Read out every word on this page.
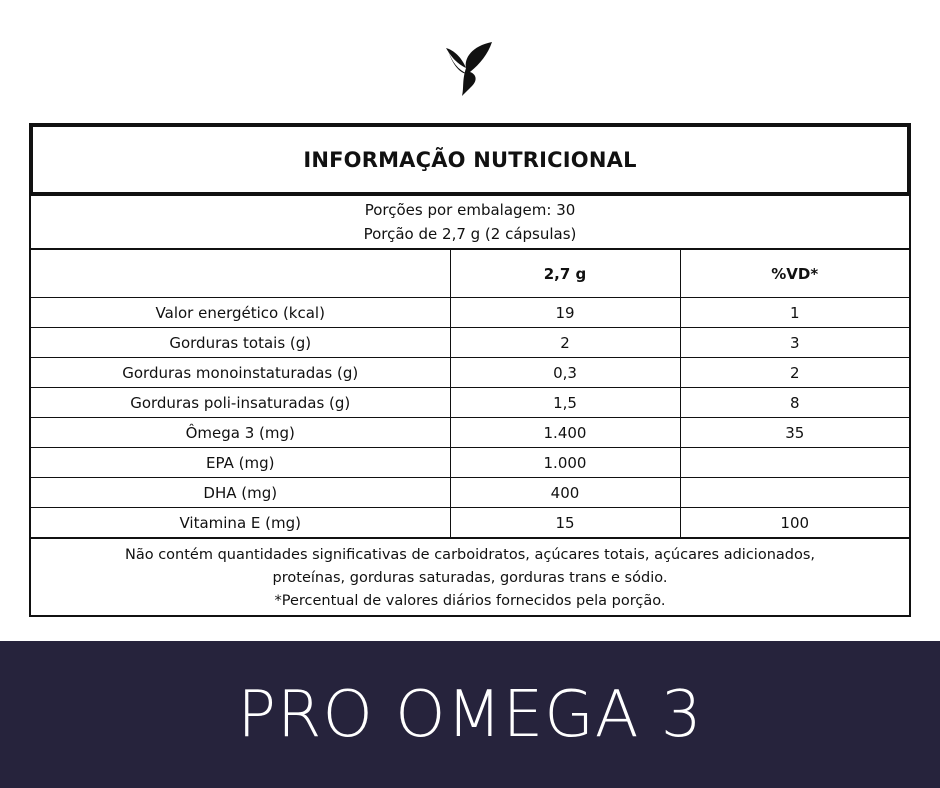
INFORMAÇÃO NUTRICIONAL
Porções por embalagem: 30
Porção de 2,7 g (2 cápsulas)
	2,7 g	%VD*
Valor energético (kcal)	19	1
Gorduras totais (g)	2	3
Gorduras monoinstaturadas (g)	0,3	2
Gorduras poli-insaturadas (g)	1,5	8
Ômega 3 (mg)	1.400	35
EPA (mg)	1.000	
DHA (mg)	400	
Vitamina E (mg)	15	100
Não contém quantidades significativas de carboidratos, açúcares totais, açúcares adicionados,
proteínas, gorduras saturadas, gorduras trans e sódio.
*Percentual de valores diários fornecidos pela porção.
PRO OMEGA 3
